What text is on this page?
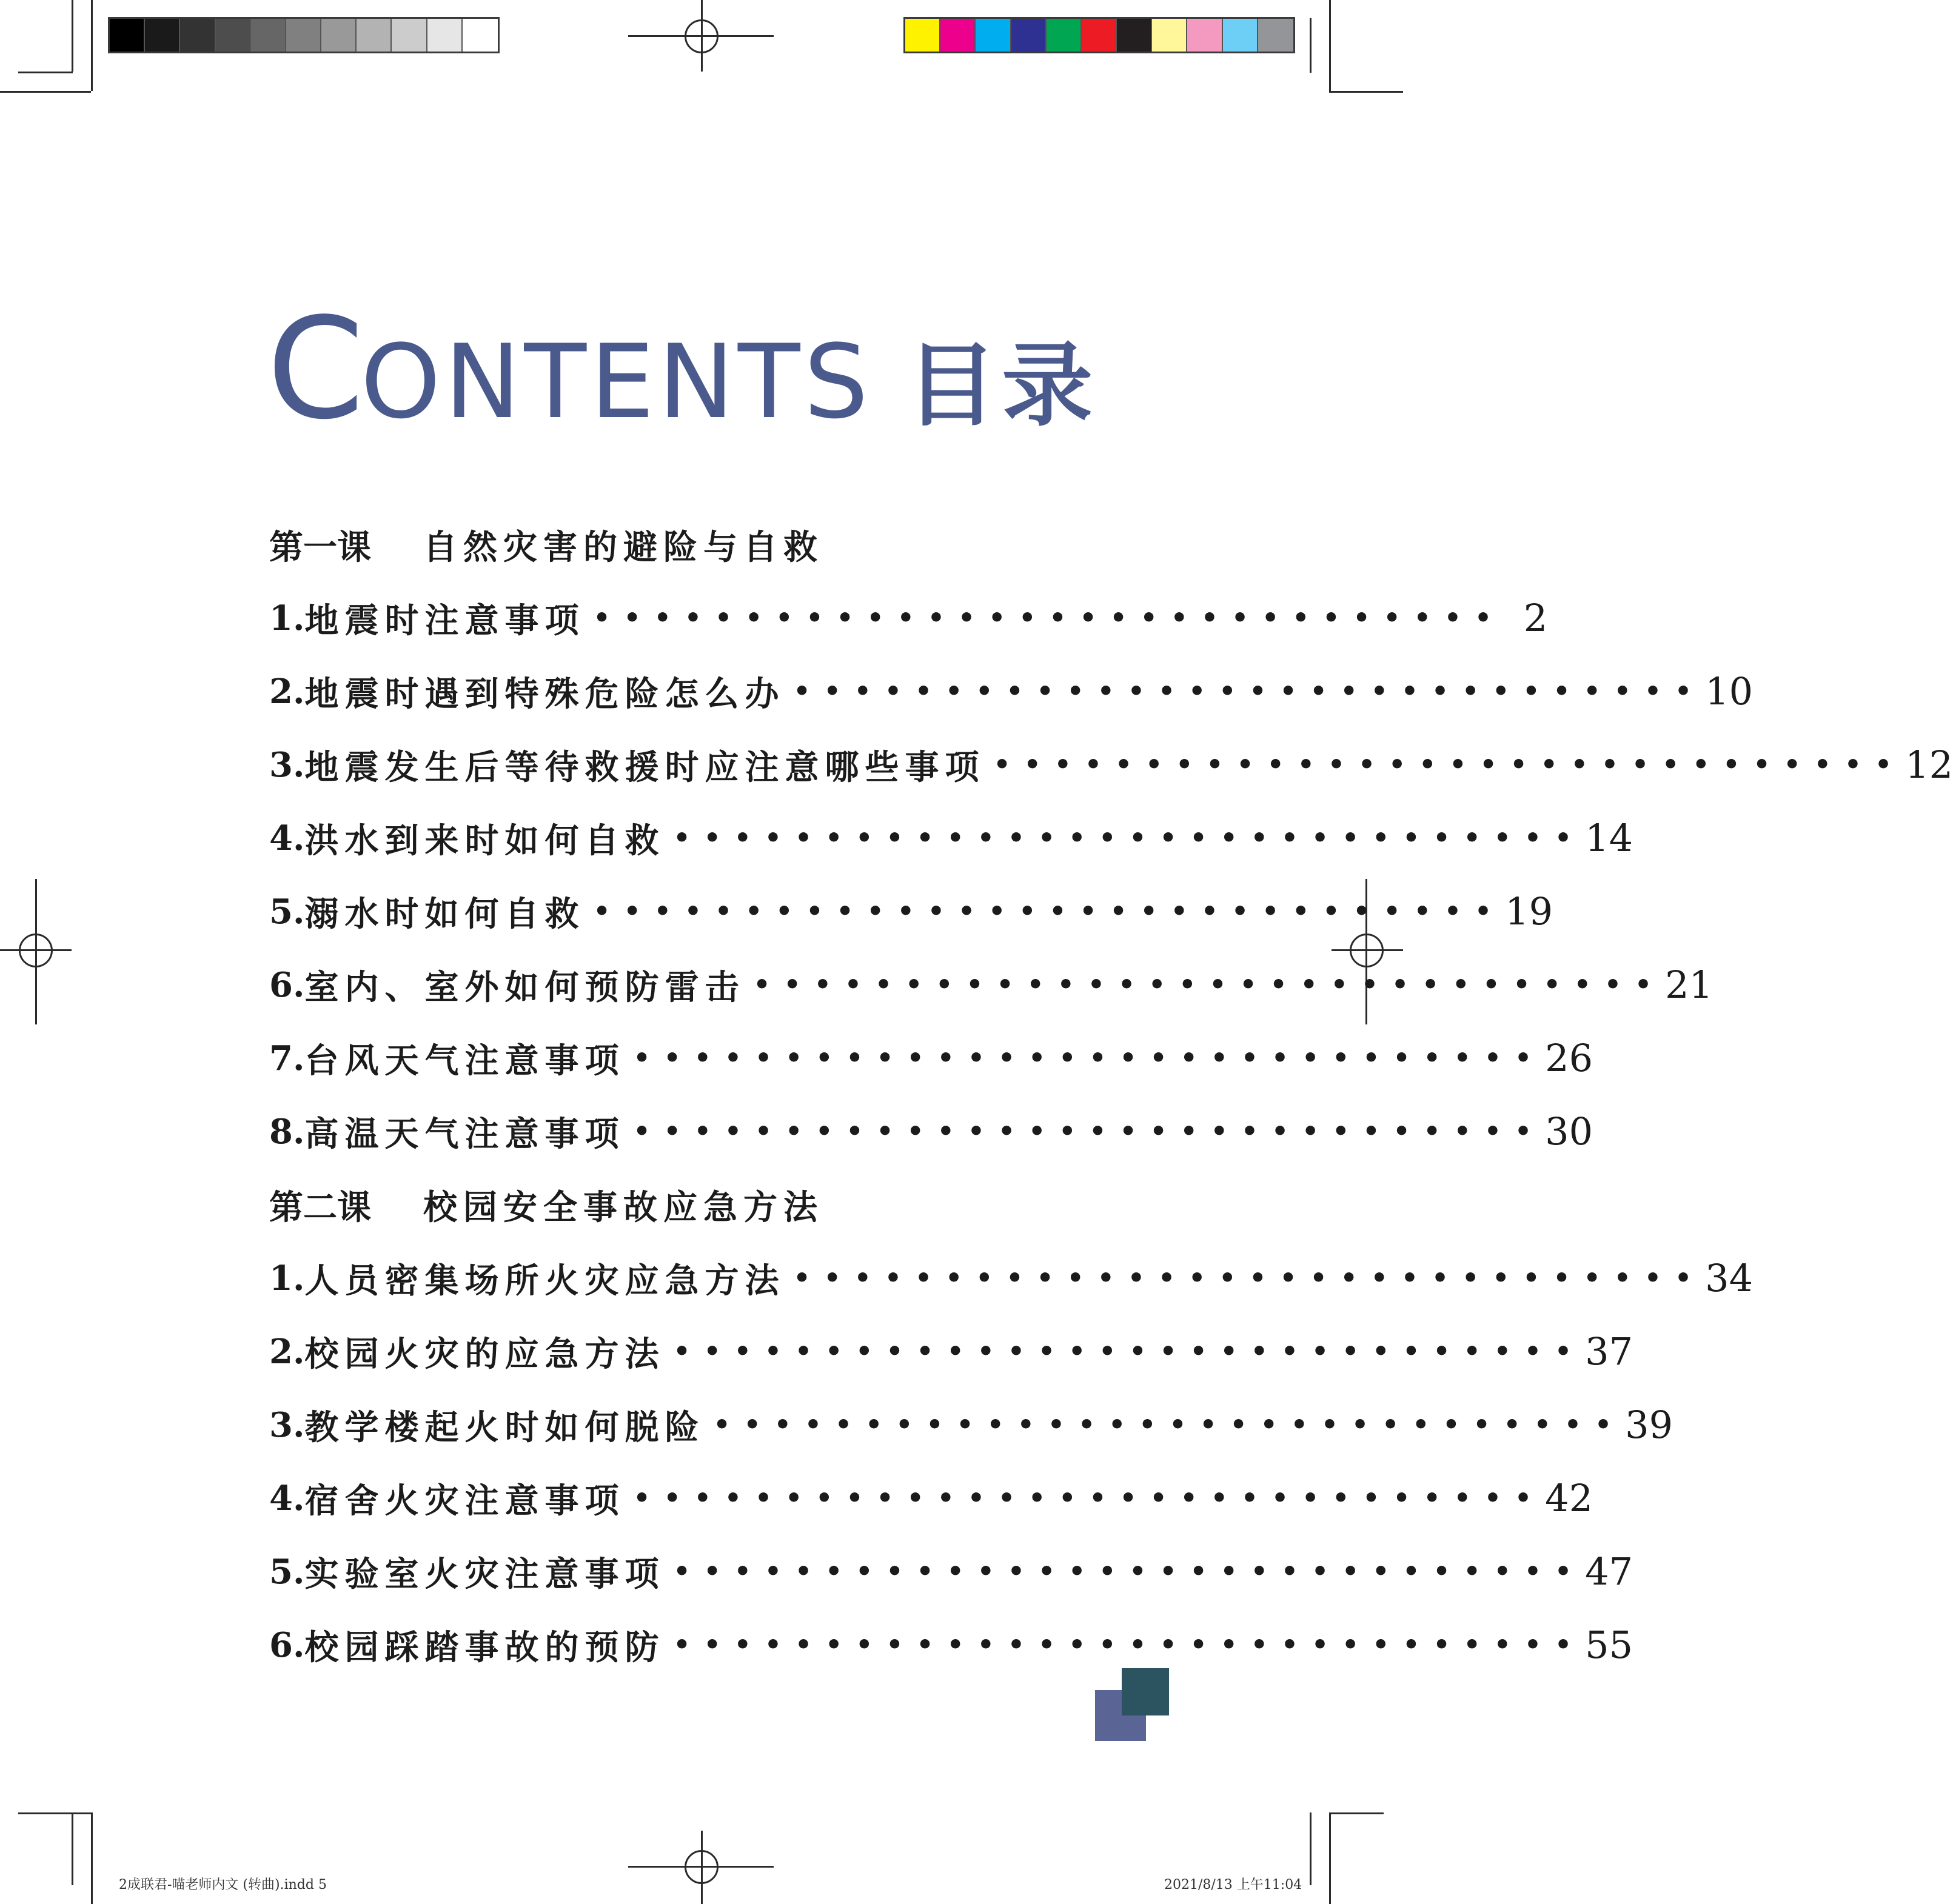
CONTENTS 目录
第一课 自然灾害的避险与自救
1. 地震时注意事项 •••••••••••••••••••••••••••••• 2
2. 地震时遇到特殊危险怎么办 •••••••••••••••••••••••••••••• 10
3. 地震发生后等待救援时应注意哪些事项 •••••••••••••••••••••••••••••• 12
4. 洪水到来时如何自救 •••••••••••••••••••••••••••••• 14
5. 溺水时如何自救 •••••••••••••••••••••••••••••• 19
6. 室内、室外如何预防雷击 •••••••••••••••••••••••••••••• 21
7. 台风天气注意事项 •••••••••••••••••••••••••••••• 26
8. 高温天气注意事项 •••••••••••••••••••••••••••••• 30
第二课 校园安全事故应急方法
1. 人员密集场所火灾应急方法 •••••••••••••••••••••••••••••• 34
2. 校园火灾的应急方法 •••••••••••••••••••••••••••••• 37
3. 教学楼起火时如何脱险 •••••••••••••••••••••••••••••• 39
4. 宿舍火灾注意事项 •••••••••••••••••••••••••••••• 42
5. 实验室火灾注意事项 •••••••••••••••••••••••••••••• 47
6. 校园踩踏事故的预防 •••••••••••••••••••••••••••••• 55
2成联君-喵老师内文 (转曲).indd 5	2021/8/13 上午11:04
